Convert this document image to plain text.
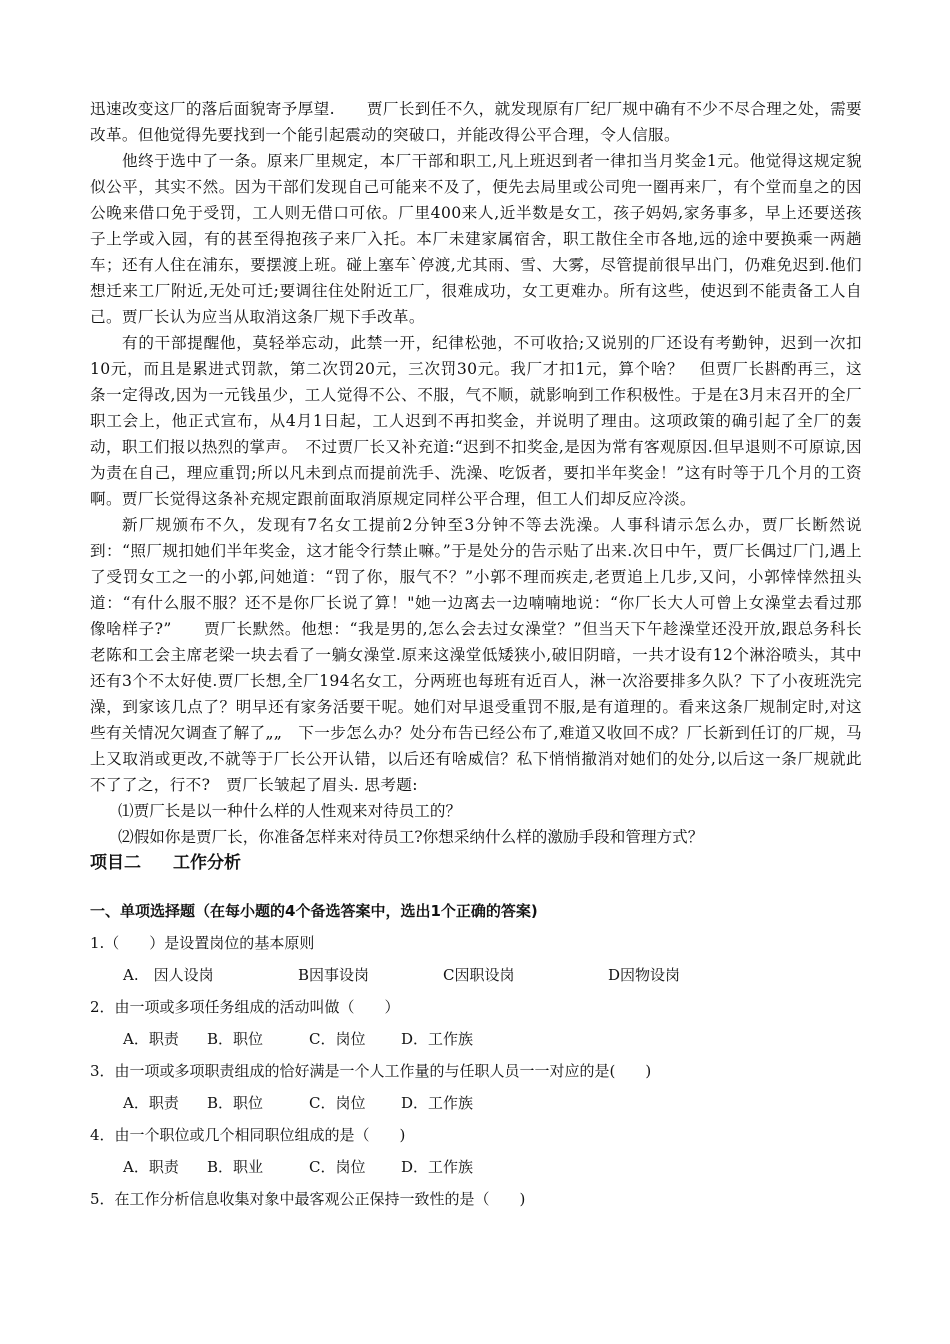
迅速改变这厂的落后面貌寄予厚望.　　贾厂长到任不久，就发现原有厂纪厂规中确有不少不尽合理之处，需要改革。但他觉得先要找到一个能引起震动的突破口，并能改得公平合理，令人信服。

他终于选中了一条。原来厂里规定，本厂干部和职工,凡上班迟到者一律扣当月奖金1元。他觉得这规定貌似公平，其实不然。因为干部们发现自己可能来不及了，便先去局里或公司兜一圈再来厂，有个堂而皇之的因公晚来借口免于受罚，工人则无借口可依。厂里400来人,近半数是女工，孩子妈妈,家务事多，早上还要送孩子上学或入园，有的甚至得抱孩子来厂入托。本厂未建家属宿舍，职工散住全市各地,远的途中要换乘一两趟车；还有人住在浦东，要摆渡上班。碰上塞车`停渡,尤其雨、雪、大雾，尽管提前很早出门，仍难免迟到.他们想迁来工厂附近,无处可迁;要调往住处附近工厂，很难成功，女工更难办。所有这些，使迟到不能责备工人自己。贾厂长认为应当从取消这条厂规下手改革。

有的干部提醒他，莫轻举忘动，此禁一开，纪律松弛，不可收拾;又说别的厂还设有考勤钟，迟到一次扣10元，而且是累进式罚款，第二次罚20元，三次罚30元。我厂才扣1元，算个啥？　但贾厂长斟酌再三，这条一定得改,因为一元钱虽少，工人觉得不公、不服，气不顺，就影响到工作积极性。于是在3月末召开的全厂职工会上，他正式宣布，从4月1日起，工人迟到不再扣奖金，并说明了理由。这项政策的确引起了全厂的轰动，职工们报以热烈的掌声。　不过贾厂长又补充道:“迟到不扣奖金,是因为常有客观原因.但早退则不可原谅,因为责在自己，理应重罚;所以凡未到点而提前洗手、洗澡、吃饭者，要扣半年奖金！”这有时等于几个月的工资啊。贾厂长觉得这条补充规定跟前面取消原规定同样公平合理，但工人们却反应冷淡。

新厂规颁布不久，发现有7名女工提前2分钟至3分钟不等去洗澡。人事科请示怎么办，贾厂长断然说到：“照厂规扣她们半年奖金，这才能令行禁止嘛。”于是处分的告示贴了出来.次日中午，贾厂长偶过厂门,遇上了受罚女工之一的小郭,问她道：“罚了你，服气不？”小郭不理而疾走,老贾追上几步,又问，小郭悻悻然扭头道：“有什么服不服？还不是你厂长说了算！"她一边离去一边喃喃地说：“你厂长大人可曾上女澡堂去看过那像啥样子?”　　贾厂长默然。他想：“我是男的,怎么会去过女澡堂？”但当天下午趁澡堂还没开放,跟总务科长老陈和工会主席老梁一块去看了一躺女澡堂.原来这澡堂低矮狭小,破旧阴暗，一共才设有12个淋浴喷头，其中还有3个不太好使.贾厂长想,全厂194名女工，分两班也每班有近百人，淋一次浴要排多久队？下了小夜班洗完澡，到家该几点了？明早还有家务活要干呢。她们对早退受重罚不服,是有道理的。看来这条厂规制定时,对这些有关情况欠调查了解了„„　下一步怎么办？处分布告已经公布了,难道又收回不成？厂长新到任订的厂规，马上又取消或更改,不就等于厂长公开认错，以后还有啥威信？私下悄悄撤消对她们的处分,以后这一条厂规就此不了了之，行不?　贾厂长皱起了眉头. 思考题:

⑴贾厂长是以一种什么样的人性观来对待员工的？

⑵假如你是贾厂长，你准备怎样来对待员工?你想采纳什么样的激励手段和管理方式？

项目二 工作分析

一、单项选择题（在每小题的4个备选答案中，选出1个正确的答案)

1.（　　）是设置岗位的基本原则

A.　因人设岗	B因事设岗	C因职设岗	D因物设岗

2．由一项或多项任务组成的活动叫做（　　）

A．职责	B．职位	C．岗位	D．工作族

3．由一项或多项职责组成的恰好满是一个人工作量的与任职人员一一对应的是(　　)

A．职责	B．职位	C．岗位	D．工作族

4．由一个职位或几个相同职位组成的是（　　)

A．职责	B．职业	C．岗位	D．工作族

5．在工作分析信息收集对象中最客观公正保持一致性的是（　　)
